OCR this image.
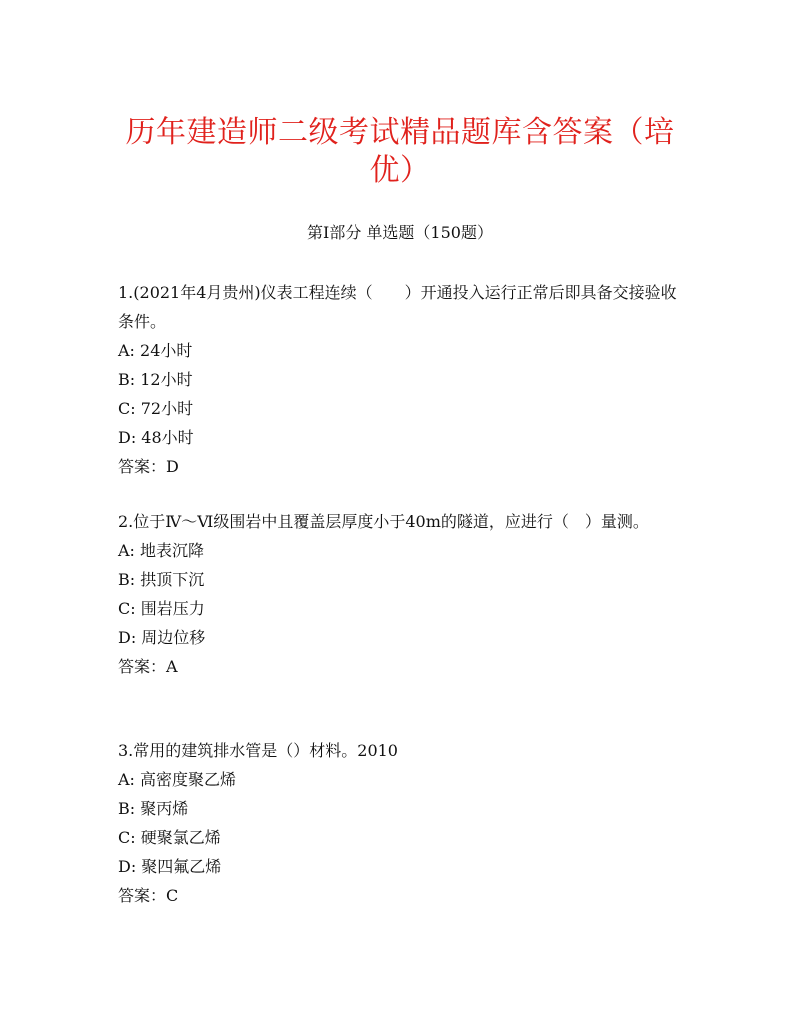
历年建造师二级考试精品题库含答案（培优）
第I部分 单选题（150题）

1.(2021年4月贵州)仪表工程连续（　　）开通投入运行正常后即具备交接验收条件。

A: 24小时

B: 12小时

C: 72小时

D: 48小时

答案：D

2.位于Ⅳ～Ⅵ级围岩中且覆盖层厚度小于40m的隧道，应进行（　）量测。

A: 地表沉降

B: 拱顶下沉

C: 围岩压力

D: 周边位移

答案：A

3.常用的建筑排水管是（）材料。2010

A: 高密度聚乙烯

B: 聚丙烯

C: 硬聚氯乙烯

D: 聚四氟乙烯

答案：C
